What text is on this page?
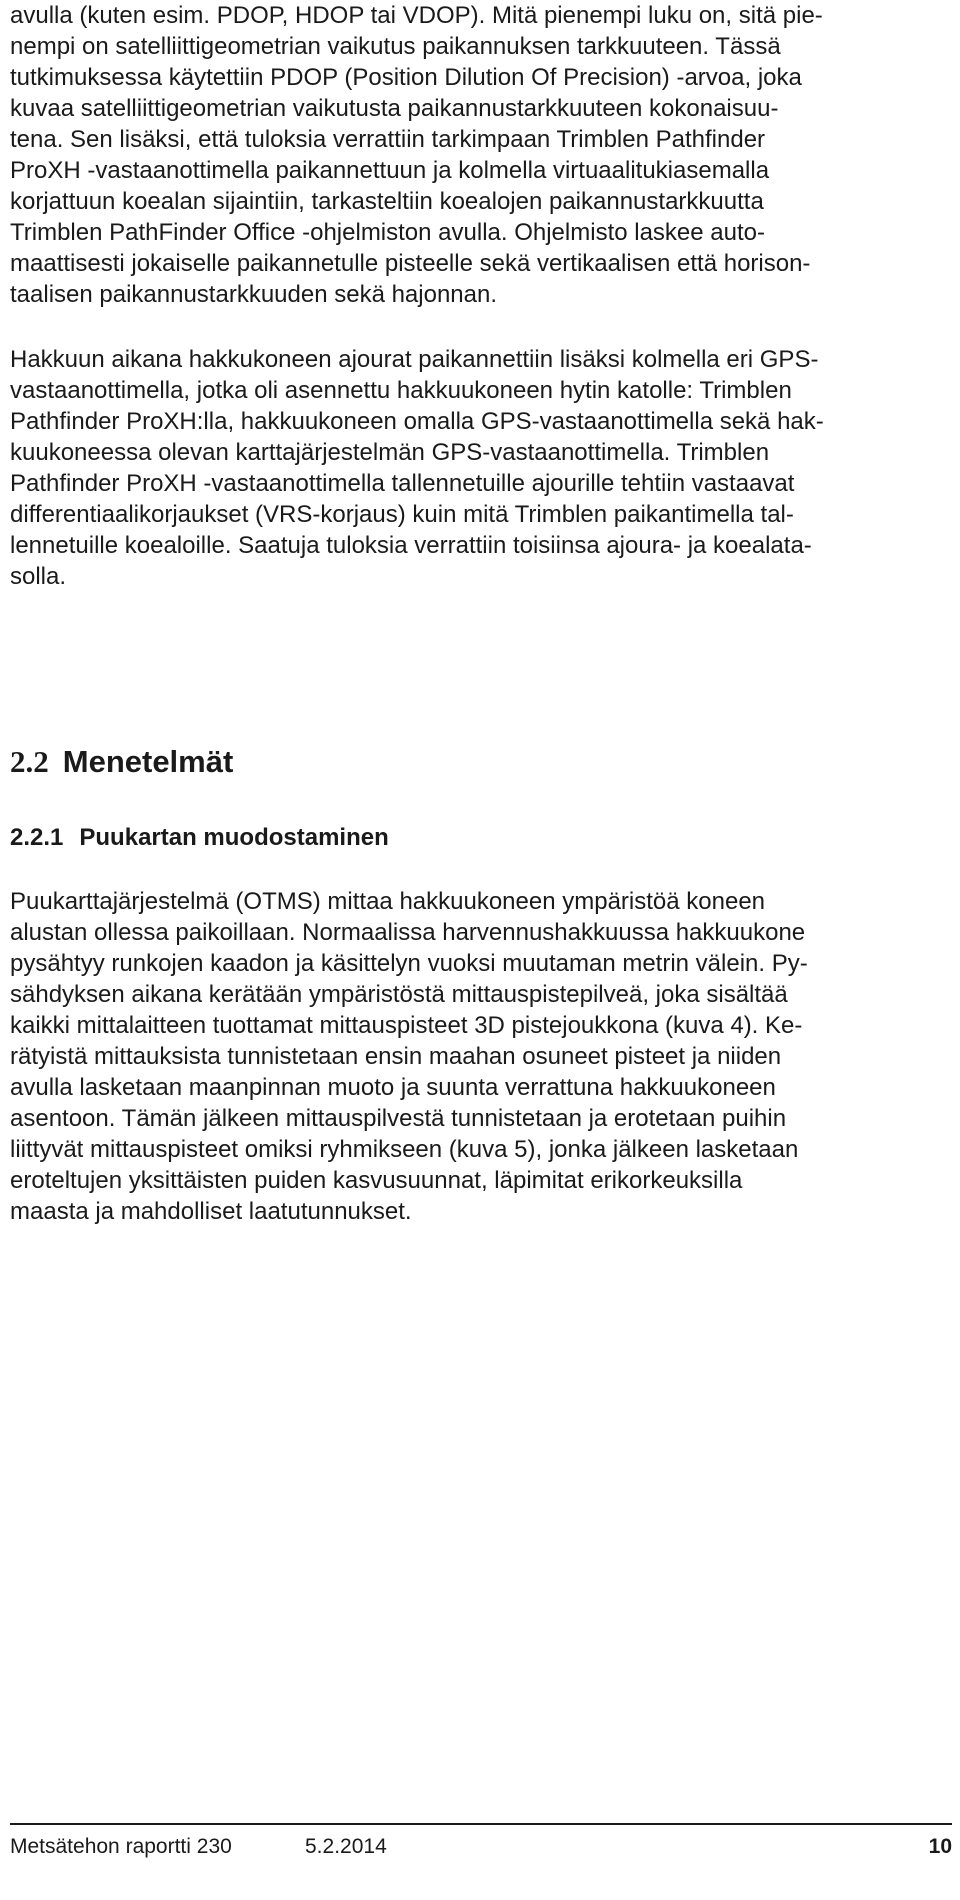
avulla (kuten esim. PDOP, HDOP tai VDOP). Mitä pienempi luku on, sitä pie-
nempi on satelliittigeometrian vaikutus paikannuksen tarkkuuteen. Tässä
tutkimuksessa käytettiin PDOP (Position Dilution Of Precision) -arvoa, joka
kuvaa satelliittigeometrian vaikutusta paikannustarkkuuteen kokonaisuu-
tena. Sen lisäksi, että tuloksia verrattiin tarkimpaan Trimblen Pathfinder
ProXH -vastaanottimella paikannettuun ja kolmella virtuaalitukiasemalla
korjattuun koealan sijaintiin, tarkasteltiin koealojen paikannustarkkuutta
Trimblen PathFinder Office -ohjelmiston avulla. Ohjelmisto laskee auto-
maattisesti jokaiselle paikannetulle pisteelle sekä vertikaalisen että horison-
taalisen paikannustarkkuuden sekä hajonnan.
Hakkuun aikana hakkukoneen ajourat paikannettiin lisäksi kolmella eri GPS-
vastaanottimella, jotka oli asennettu hakkuukoneen hytin katolle: Trimblen
Pathfinder ProXH:lla, hakkuukoneen omalla GPS-vastaanottimella sekä hak-
kuukoneessa olevan karttajärjestelmän GPS-vastaanottimella. Trimblen
Pathfinder ProXH -vastaanottimella tallennetuille ajourille tehtiin vastaavat
differentiaalikorjaukset (VRS-korjaus) kuin mitä Trimblen paikantimella tal-
lennetuille koealoille. Saatuja tuloksia verrattiin toisiinsa ajoura- ja koealata-
solla.
2.2 Menetelmät
2.2.1 Puukartan muodostaminen
Puukarttajärjestelmä (OTMS) mittaa hakkuukoneen ympäristöä koneen
alustan ollessa paikoillaan. Normaalissa harvennushakkuussa hakkuukone
pysähtyy runkojen kaadon ja käsittelyn vuoksi muutaman metrin välein. Py-
sähdyksen aikana kerätään ympäristöstä mittauspistepilveä, joka sisältää
kaikki mittalaitteen tuottamat mittauspisteet 3D pistejoukkona (kuva 4). Ke-
rätyistä mittauksista tunnistetaan ensin maahan osuneet pisteet ja niiden
avulla lasketaan maanpinnan muoto ja suunta verrattuna hakkuukoneen
asentoon. Tämän jälkeen mittauspilvestä tunnistetaan ja erotetaan puihin
liittyvät mittauspisteet omiksi ryhmikseen (kuva 5), jonka jälkeen lasketaan
eroteltujen yksittäisten puiden kasvusuunnat, läpimitat erikorkeuksilla
maasta ja mahdolliset laatutunnukset.
Metsätehon raportti 230	5.2.2014	10
